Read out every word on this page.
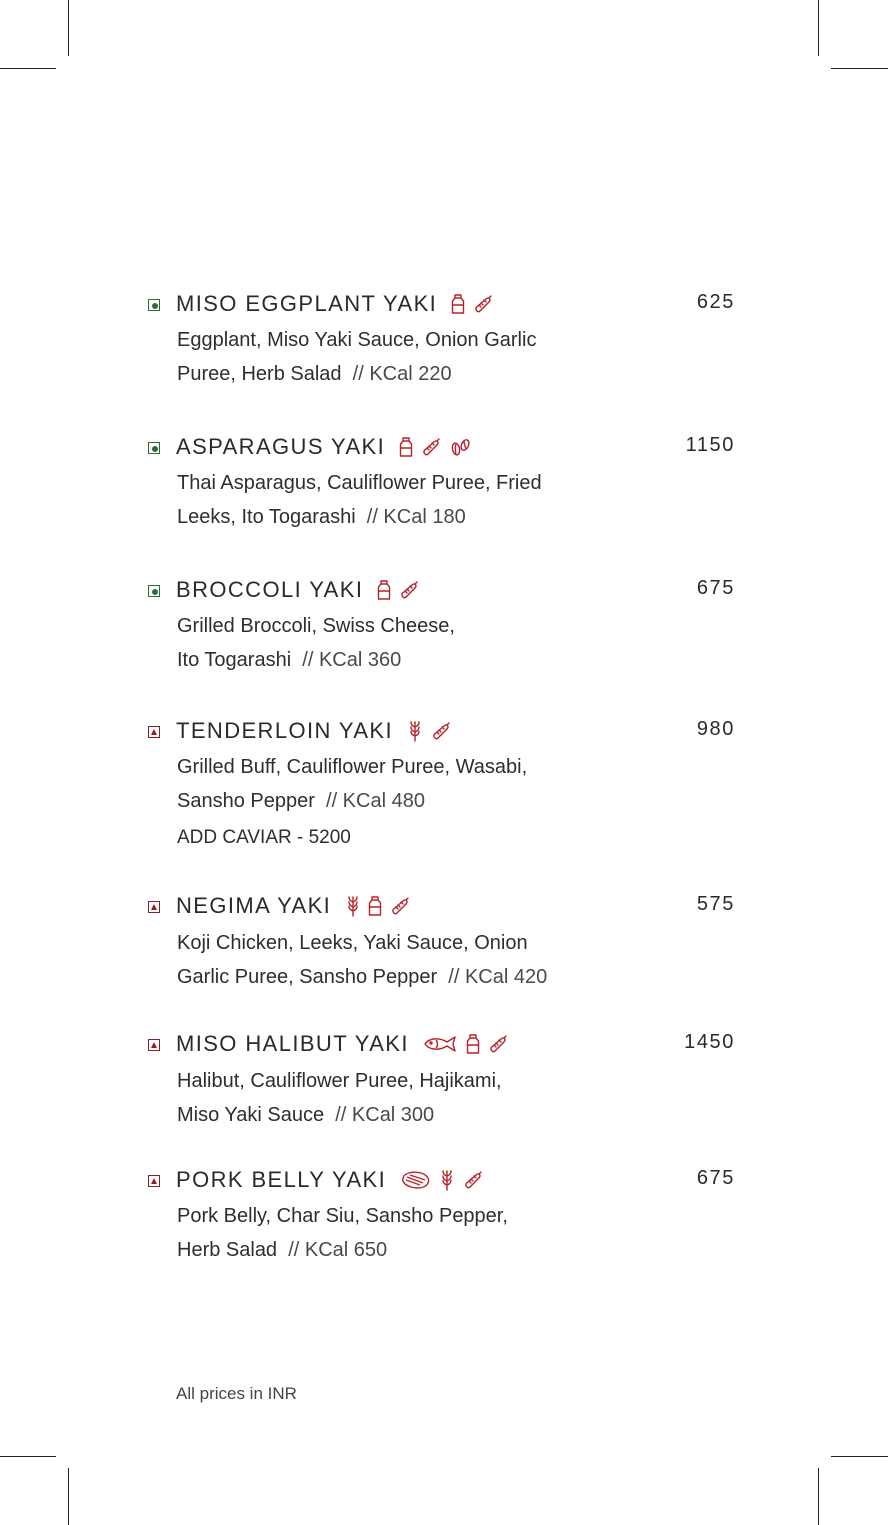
MISO EGGPLANT YAKI	625
Eggplant, Miso Yaki Sauce, Onion Garlic
Puree, Herb Salad // KCal 220
ASPARAGUS YAKI	1150
Thai Asparagus, Cauliflower Puree, Fried
Leeks, Ito Togarashi // KCal 180
BROCCOLI YAKI	675
Grilled Broccoli, Swiss Cheese,
Ito Togarashi // KCal 360
TENDERLOIN YAKI	980
Grilled Buff, Cauliflower Puree, Wasabi,
Sansho Pepper // KCal 480
ADD CAVIAR - 5200
NEGIMA YAKI	575
Koji Chicken, Leeks, Yaki Sauce, Onion
Garlic Puree, Sansho Pepper // KCal 420
MISO HALIBUT YAKI	1450
Halibut, Cauliflower Puree, Hajikami,
Miso Yaki Sauce // KCal 300
PORK BELLY YAKI	675
Pork Belly, Char Siu, Sansho Pepper,
Herb Salad // KCal 650
All prices in INR
